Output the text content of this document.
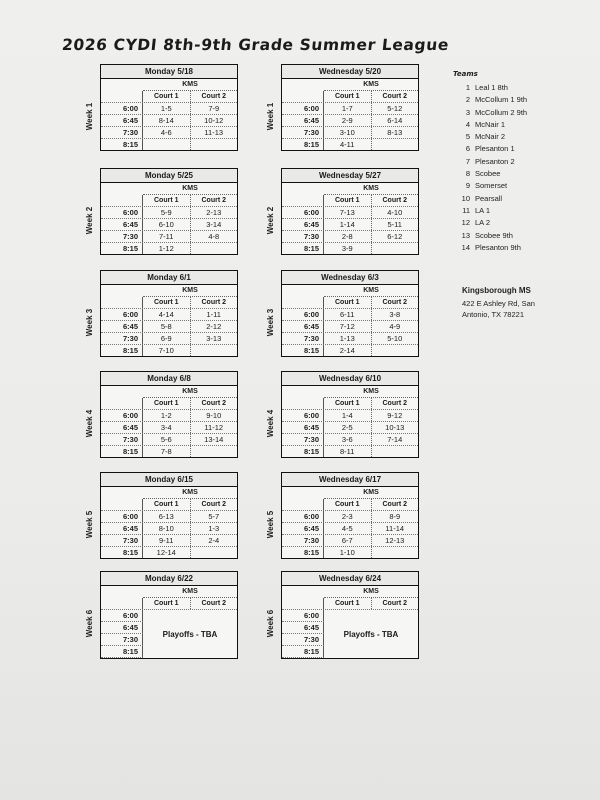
2026 CYDI 8th-9th Grade Summer League
Week 1
Monday 5/18
KMS
Court 1	Court 2
6:00	1-5	7-9
6:45	8-14	10-12
7:30	4-6	11-13
8:15
Week 1
Wednesday 5/20
KMS
Court 1	Court 2
6:00	1-7	5-12
6:45	2-9	6-14
7:30	3-10	8-13
8:15	4-11
Week 2
Monday 5/25
KMS
Court 1	Court 2
6:00	5-9	2-13
6:45	6-10	3-14
7:30	7-11	4-8
8:15	1-12
Week 2
Wednesday 5/27
KMS
Court 1	Court 2
6:00	7-13	4-10
6:45	1-14	5-11
7:30	2-8	6-12
8:15	3-9
Week 3
Monday 6/1
KMS
Court 1	Court 2
6:00	4-14	1-11
6:45	5-8	2-12
7:30	6-9	3-13
8:15	7-10
Week 3
Wednesday 6/3
KMS
Court 1	Court 2
6:00	6-11	3-8
6:45	7-12	4-9
7:30	1-13	5-10
8:15	2-14
Week 4
Monday 6/8
KMS
Court 1	Court 2
6:00	1-2	9-10
6:45	3-4	11-12
7:30	5-6	13-14
8:15	7-8
Week 4
Wednesday 6/10
KMS
Court 1	Court 2
6:00	1-4	9-12
6:45	2-5	10-13
7:30	3-6	7-14
8:15	8-11
Week 5
Monday 6/15
KMS
Court 1	Court 2
6:00	6-13	5-7
6:45	8-10	1-3
7:30	9-11	2-4
8:15	12-14
Week 5
Wednesday 6/17
KMS
Court 1	Court 2
6:00	2-3	8-9
6:45	4-5	11-14
7:30	6-7	12-13
8:15	1-10
Week 6
Monday 6/22
KMS
Court 1	Court 2
6:00
6:45
7:30
8:15
Playoffs - TBA	Week 6
Wednesday 6/24
KMS
Court 1	Court 2
6:00
6:45
7:30
8:15
Playoffs - TBA
Teams
1 Leal 1 8th
2 McCollum 1 9th
3 McCollum 2 9th
4 McNair 1
5 McNair 2
6 Plesanton 1
7 Plesanton 2
8 Scobee
9 Somerset
10 Pearsall
11 LA 1
12 LA 2
13 Scobee 9th
14 Plesanton 9th
Kingsborough MS
422 E Ashley Rd, San
Antonio, TX 78221
